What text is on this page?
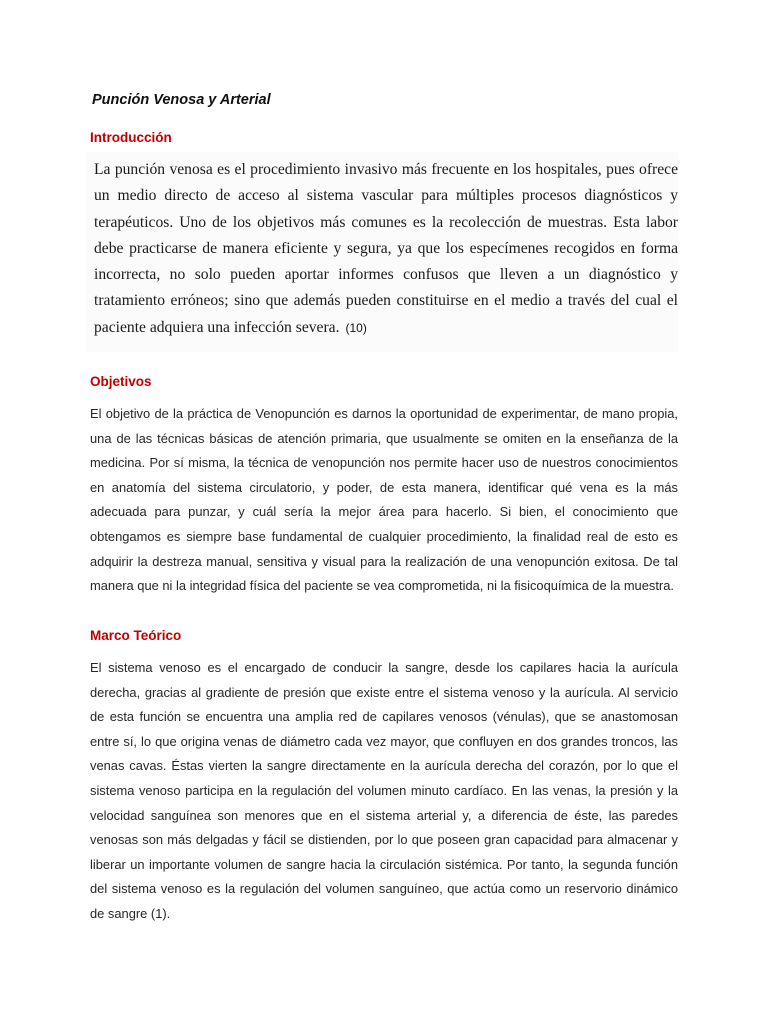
Punción Venosa y Arterial
Introducción
La punción venosa es el procedimiento invasivo más frecuente en los hospitales, pues ofrece un medio directo de acceso al sistema vascular para múltiples procesos diagnósticos y terapéuticos. Uno de los objetivos más comunes es la recolección de muestras. Esta labor debe practicarse de manera eficiente y segura, ya que los especímenes recogidos en forma incorrecta, no solo pueden aportar informes confusos que lleven a un diagnóstico y tratamiento erróneos; sino que además pueden constituirse en el medio a través del cual el paciente adquiera una infección severa. (10)
Objetivos
El objetivo de la práctica de Venopunción es darnos la oportunidad de experimentar, de mano propia, una de las técnicas básicas de atención primaria, que usualmente se omiten en la enseñanza de la medicina. Por sí misma, la técnica de venopunción nos permite hacer uso de nuestros conocimientos en anatomía del sistema circulatorio, y poder, de esta manera, identificar qué vena es la más adecuada para punzar, y cuál sería la mejor área para hacerlo. Si bien, el conocimiento que obtengamos es siempre base fundamental de cualquier procedimiento, la finalidad real de esto es adquirir la destreza manual, sensitiva y visual para la realización de una venopunción exitosa. De tal manera que ni la integridad física del paciente se vea comprometida, ni la fisicoquímica de la muestra.
Marco Teórico
El sistema venoso es el encargado de conducir la sangre, desde los capilares hacia la aurícula derecha, gracias al gradiente de presión que existe entre el sistema venoso y la aurícula. Al servicio de esta función se encuentra una amplia red de capilares venosos (vénulas), que se anastomosan entre sí, lo que origina venas de diámetro cada vez mayor, que confluyen en dos grandes troncos, las venas cavas. Éstas vierten la sangre directamente en la aurícula derecha del corazón, por lo que el sistema venoso participa en la regulación del volumen minuto cardíaco. En las venas, la presión y la velocidad sanguínea son menores que en el sistema arterial y, a diferencia de éste, las paredes venosas son más delgadas y fácil se distienden, por lo que poseen gran capacidad para almacenar y liberar un importante volumen de sangre hacia la circulación sistémica. Por tanto, la segunda función del sistema venoso es la regulación del volumen sanguíneo, que actúa como un reservorio dinámico de sangre (1).
